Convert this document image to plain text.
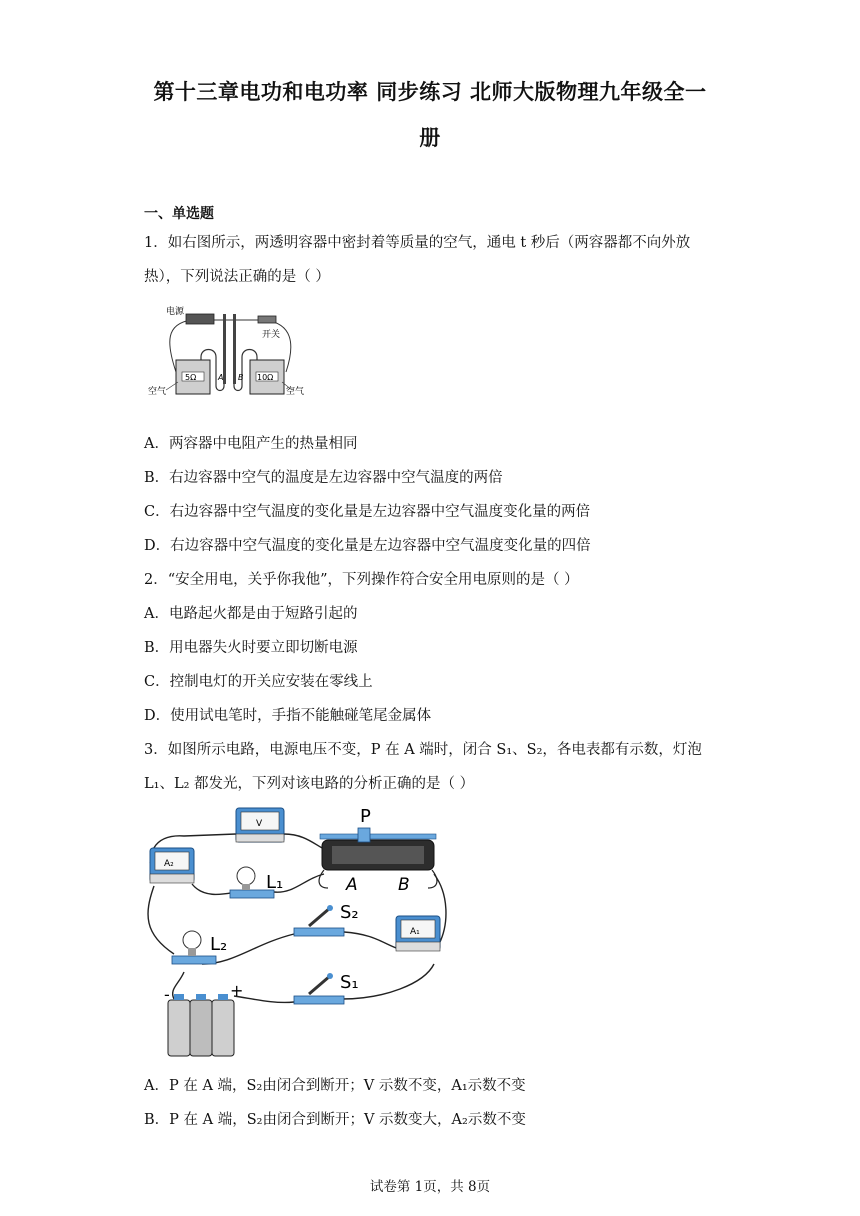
第十三章电功和电功率 同步练习 北师大版物理九年级全一
册
一、单选题
1．如右图所示，两透明容器中密封着等质量的空气，通电 t 秒后（两容器都不向外放
热），下列说法正确的是（ ）
电源
开关
5Ω	10Ω
A B
空气	空气
A．两容器中电阻产生的热量相同
B．右边容器中空气的温度是左边容器中空气温度的两倍
C．右边容器中空气温度的变化量是左边容器中空气温度变化量的两倍
D．右边容器中空气温度的变化量是左边容器中空气温度变化量的四倍
2．“安全用电，关乎你我他”，下列操作符合安全用电原则的是（ ）
A．电路起火都是由于短路引起的
B．用电器失火时要立即切断电源
C．控制电灯的开关应安装在零线上
D．使用试电笔时，手指不能触碰笔尾金属体
3．如图所示电路，电源电压不变，P 在 A 端时，闭合 S₁、S₂，各电表都有示数，灯泡
L₁、L₂ 都发光，下列对该电路的分析正确的是（ ）
V
A₂
P
A B
L₁
S₂
A₁
L₂
S₁
-	+
A．P 在 A 端，S₂由闭合到断开；V 示数不变，A₁示数不变
B．P 在 A 端，S₂由闭合到断开；V 示数变大，A₂示数不变
试卷第 1页，共 8页
